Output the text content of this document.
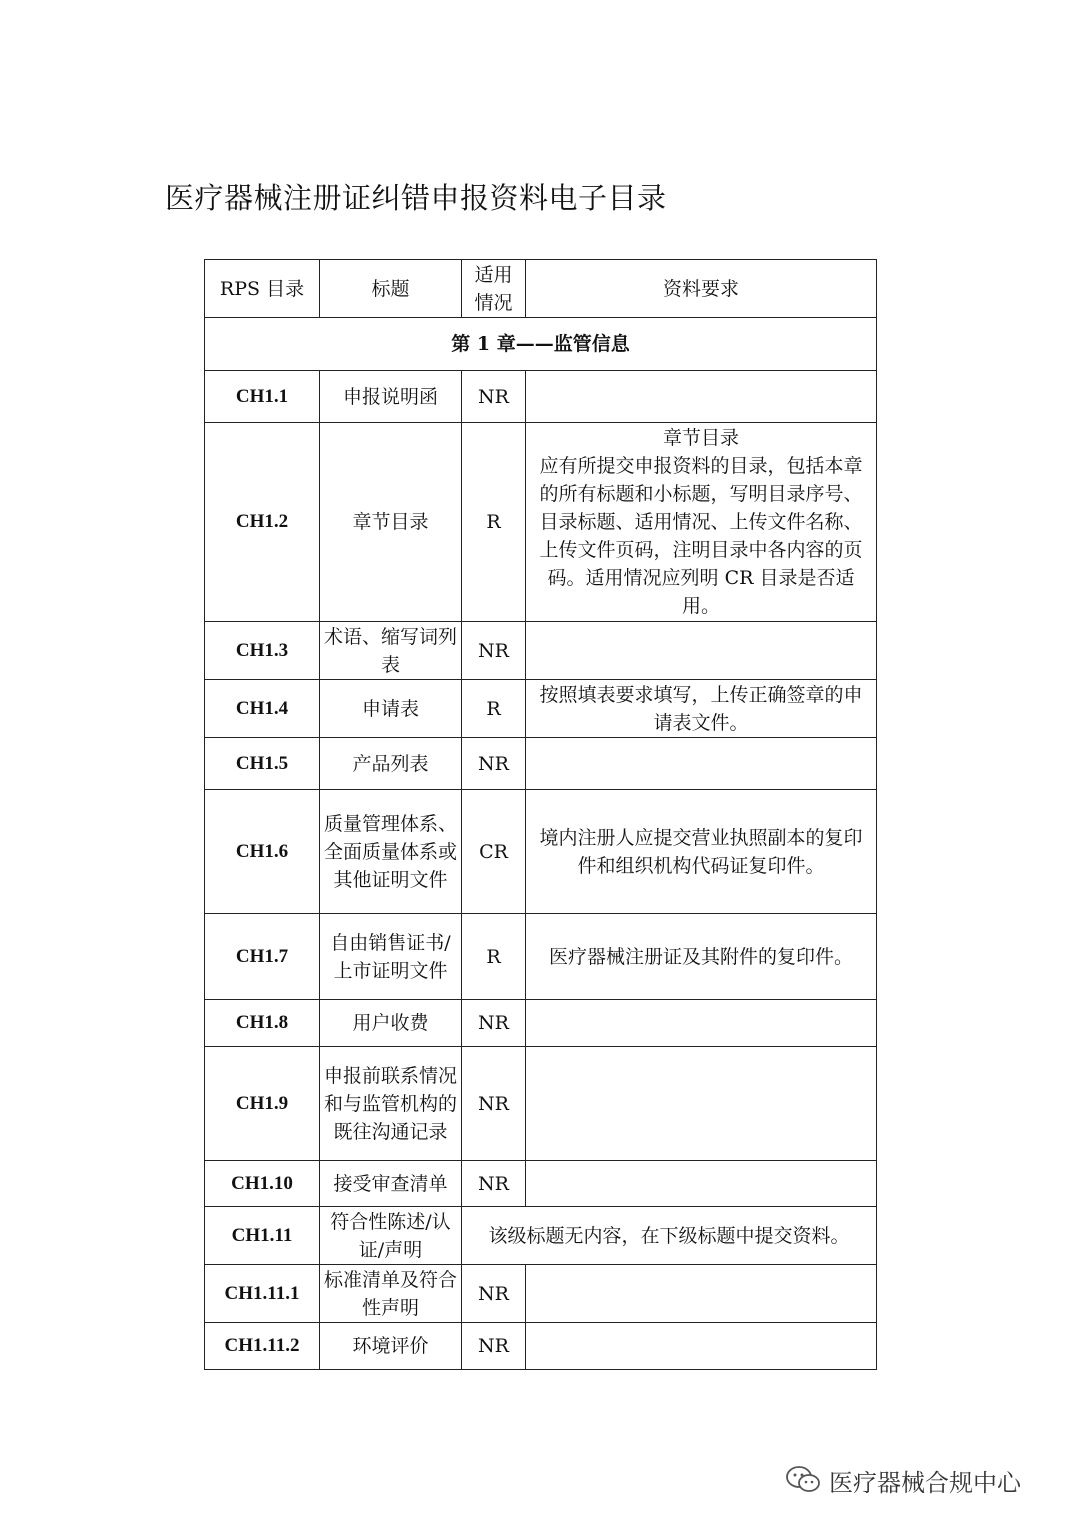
医疗器械注册证纠错申报资料电子目录
RPS 目录	标题	适用情况	资料要求
第 1 章——监管信息			
CH1.1	申报说明函	NR	
CH1.2	章节目录	R	章节目录
应有所提交申报资料的目录，包括本章的所有标题和小标题，写明目录序号、目录标题、适用情况、上传文件名称、上传文件页码，注明目录中各内容的页码。适用情况应列明 CR 目录是否适用。

CH1.3	术语、缩写词列表	NR	
CH1.4	申请表	R	按照填表要求填写，上传正确签章的申请表文件。
CH1.5	产品列表	NR	
CH1.6	质量管理体系、全面质量体系或其他证明文件	CR	境内注册人应提交营业执照副本的复印件和组织机构代码证复印件。
CH1.7	自由销售证书/上市证明文件	R	医疗器械注册证及其附件的复印件。
CH1.8	用户收费	NR	
CH1.9	申报前联系情况和与监管机构的既往沟通记录	NR	
CH1.10	接受审查清单	NR	
CH1.11	符合性陈述/认证/声明	该级标题无内容，在下级标题中提交资料。	
CH1.11.1	标准清单及符合性声明	NR	
CH1.11.2	环境评价	NR	
医疗器械合规中心
